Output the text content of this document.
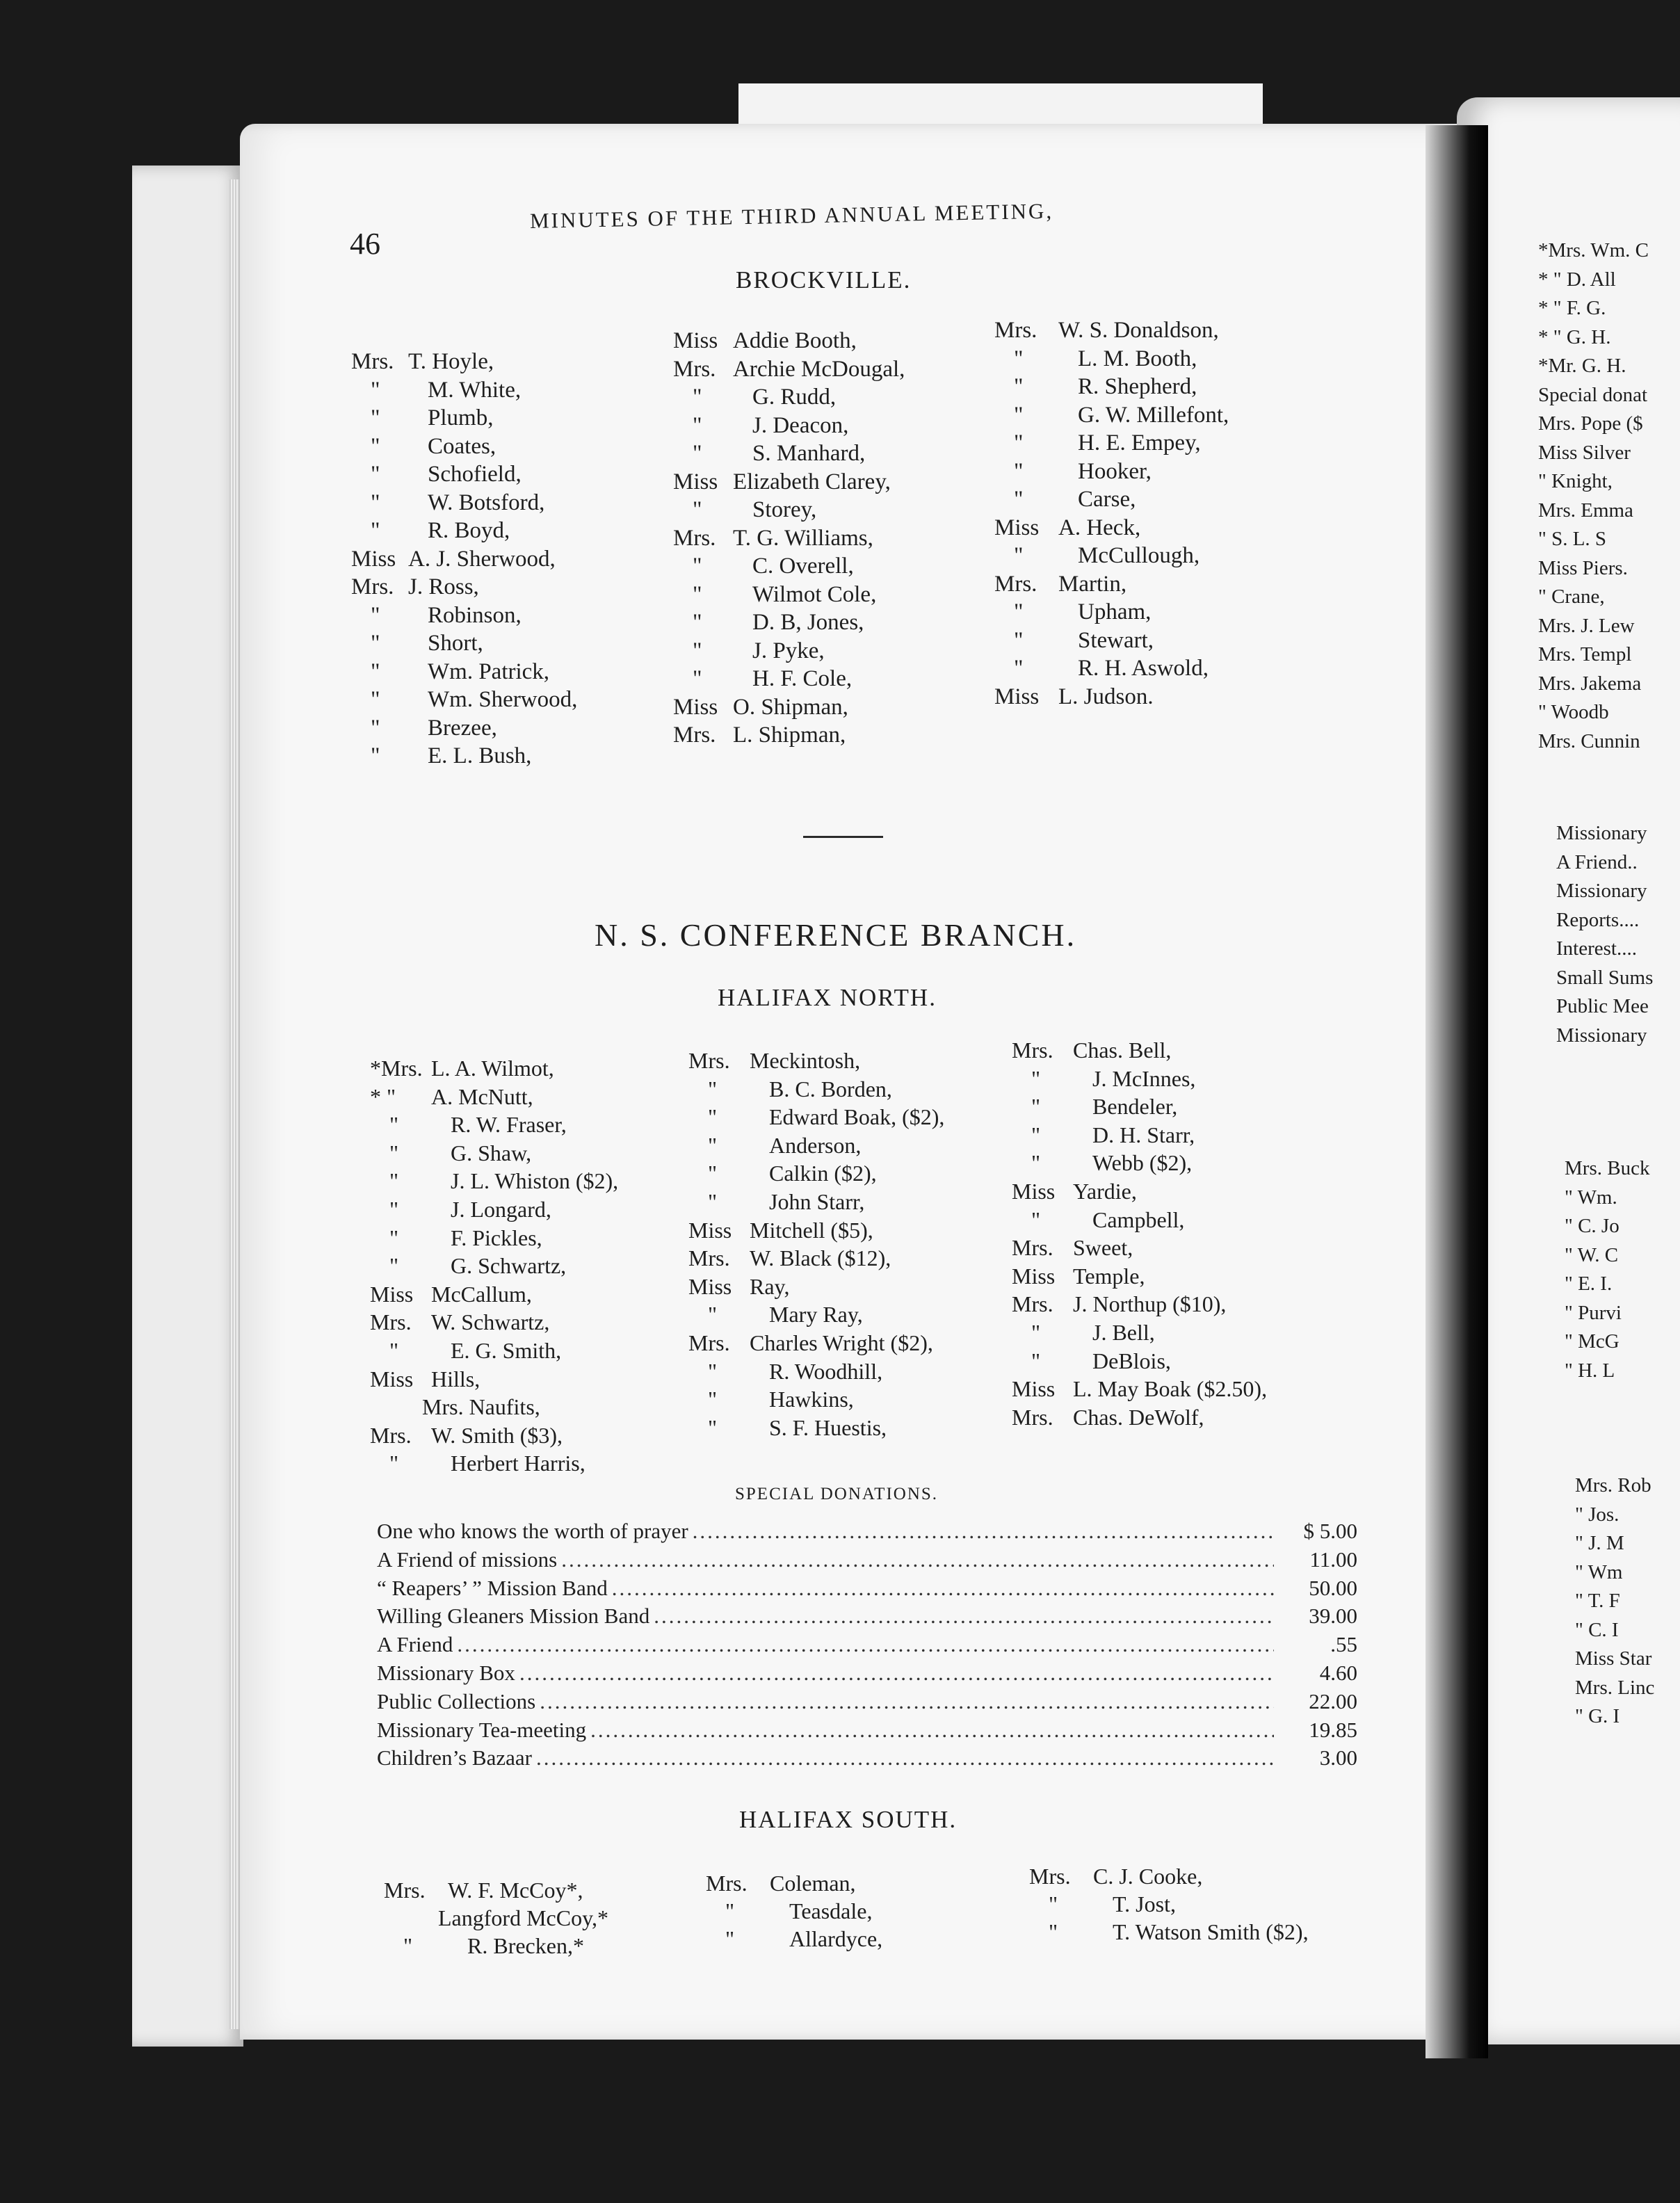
46
MINUTES OF THE THIRD ANNUAL MEETING,
BROCKVILLE.
Mrs. T. Hoyle,
"	M. White,
"	Plumb,
"	Coates,
"	Schofield,
"	W. Botsford,
"	R. Boyd,
Miss A. J. Sherwood,
Mrs. J. Ross,
"	Robinson,
"	Short,
"	Wm. Patrick,
"	Wm. Sherwood,
"	Brezee,
"	E. L. Bush,
Miss Addie Booth,
Mrs. Archie McDougal,
"	G. Rudd,
"	J. Deacon,
"	S. Manhard,
Miss Elizabeth Clarey,
"	Storey,
Mrs. T. G. Williams,
"	C. Overell,
"	Wilmot Cole,
"	D. B, Jones,
"	J. Pyke,
"	H. F. Cole,
Miss O. Shipman,
Mrs. L. Shipman,
Mrs. W. S. Donaldson,
"	L. M. Booth,
"	R. Shepherd,
"	G. W. Millefont,
"	H. E. Empey,
"	Hooker,
"	Carse,
Miss A. Heck,
"	McCullough,
Mrs. Martin,
"	Upham,
"	Stewart,
"	R. H. Aswold,
Miss L. Judson.
N. S. CONFERENCE BRANCH.
HALIFAX NORTH.
*Mrs. L. A. Wilmot,
* "	A. McNutt,
"	R. W. Fraser,
"	G. Shaw,
"	J. L. Whiston ($2),
"	J. Longard,
"	F. Pickles,
"	G. Schwartz,
Miss McCallum,
Mrs. W. Schwartz,
"	E. G. Smith,
Miss Hills,
Mrs. Naufits,
Mrs. W. Smith ($3),
"	Herbert Harris,
Mrs. Meckintosh,
"	B. C. Borden,
"	Edward Boak, ($2),
"	Anderson,
"	Calkin ($2),
"	John Starr,
Miss Mitchell ($5),
Mrs. W. Black ($12),
Miss Ray,
"	Mary Ray,
Mrs. Charles Wright ($2),
"	R. Woodhill,
"	Hawkins,
"	S. F. Huestis,
Mrs. Chas. Bell,
"	J. McInnes,
"	Bendeler,
"	D. H. Starr,
"	Webb ($2),
Miss Yardie,
"	Campbell,
Mrs. Sweet,
Miss Temple,
Mrs. J. Northup ($10),
"	J. Bell,
"	DeBlois,
Miss L. May Boak ($2.50),
Mrs. Chas. DeWolf,
SPECIAL DONATIONS.
One who knows the worth of prayer .....	$ 5.00
A Friend of missions .....	11.00
“ Reapers’ ” Mission Band .....	50.00
Willing Gleaners Mission Band .....	39.00
A Friend .....	.55
Missionary Box .....	4.60
Public Collections .....	22.00
Missionary Tea-meeting .....	19.85
Children’s Bazaar .....	3.00
HALIFAX SOUTH.
Mrs.	W. F. McCoy*,
Langford McCoy,*
"	R. Brecken,*
Mrs.	Coleman,
"	Teasdale,
"	Allardyce,
Mrs.	C. J. Cooke,
"	T. Jost,
"	T. Watson Smith ($2),
*Mrs. Wm. C
* " D. All
* " F. G.
* " G. H.
*Mr. G. H.
Special donat
Mrs. Pope ($
Miss Silver
" Knight,
Mrs. Emma
" S. L. S
Miss Piers.
" Crane,
Mrs. J. Lew
Mrs. Templ
Mrs. Jakema
" Woodb
Mrs. Cunnin
Missionary
A Friend..
Missionary
Reports....
Interest....
Small Sums
Public Mee
Missionary
Mrs. Buck
" Wm.
" C. Jo
" W. C
" E. I.
" Purvi
" McG
" H. L
Mrs. Rob
" Jos.
" J. M
" Wm
" T. F
" C. I
Miss Star
Mrs. Linc
" G. I
